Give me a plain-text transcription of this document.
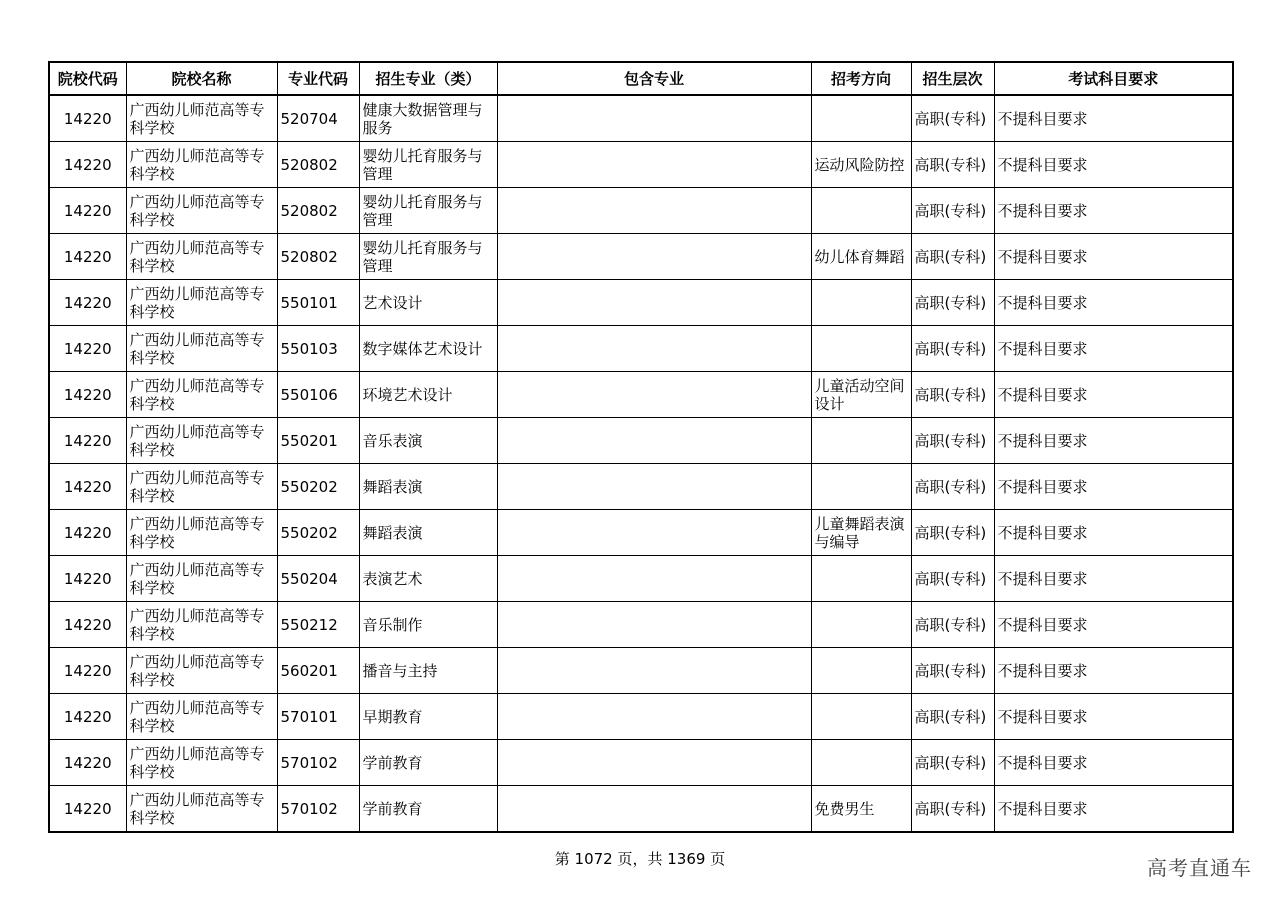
院校代码	院校名称	专业代码	招生专业（类）	包含专业	招考方向	招生层次	考试科目要求
14220	广西幼儿师范高等专科学校	520704	健康大数据管理与服务			高职(专科)	不提科目要求
14220	广西幼儿师范高等专科学校	520802	婴幼儿托育服务与管理		运动风险防控	高职(专科)	不提科目要求
14220	广西幼儿师范高等专科学校	520802	婴幼儿托育服务与管理			高职(专科)	不提科目要求
14220	广西幼儿师范高等专科学校	520802	婴幼儿托育服务与管理		幼儿体育舞蹈	高职(专科)	不提科目要求
14220	广西幼儿师范高等专科学校	550101	艺术设计			高职(专科)	不提科目要求
14220	广西幼儿师范高等专科学校	550103	数字媒体艺术设计			高职(专科)	不提科目要求
14220	广西幼儿师范高等专科学校	550106	环境艺术设计		儿童活动空间设计	高职(专科)	不提科目要求
14220	广西幼儿师范高等专科学校	550201	音乐表演			高职(专科)	不提科目要求
14220	广西幼儿师范高等专科学校	550202	舞蹈表演			高职(专科)	不提科目要求
14220	广西幼儿师范高等专科学校	550202	舞蹈表演		儿童舞蹈表演与编导	高职(专科)	不提科目要求
14220	广西幼儿师范高等专科学校	550204	表演艺术			高职(专科)	不提科目要求
14220	广西幼儿师范高等专科学校	550212	音乐制作			高职(专科)	不提科目要求
14220	广西幼儿师范高等专科学校	560201	播音与主持			高职(专科)	不提科目要求
14220	广西幼儿师范高等专科学校	570101	早期教育			高职(专科)	不提科目要求
14220	广西幼儿师范高等专科学校	570102	学前教育			高职(专科)	不提科目要求
14220	广西幼儿师范高等专科学校	570102	学前教育		免费男生	高职(专科)	不提科目要求
第 1072 页，共 1369 页	高考直通车
